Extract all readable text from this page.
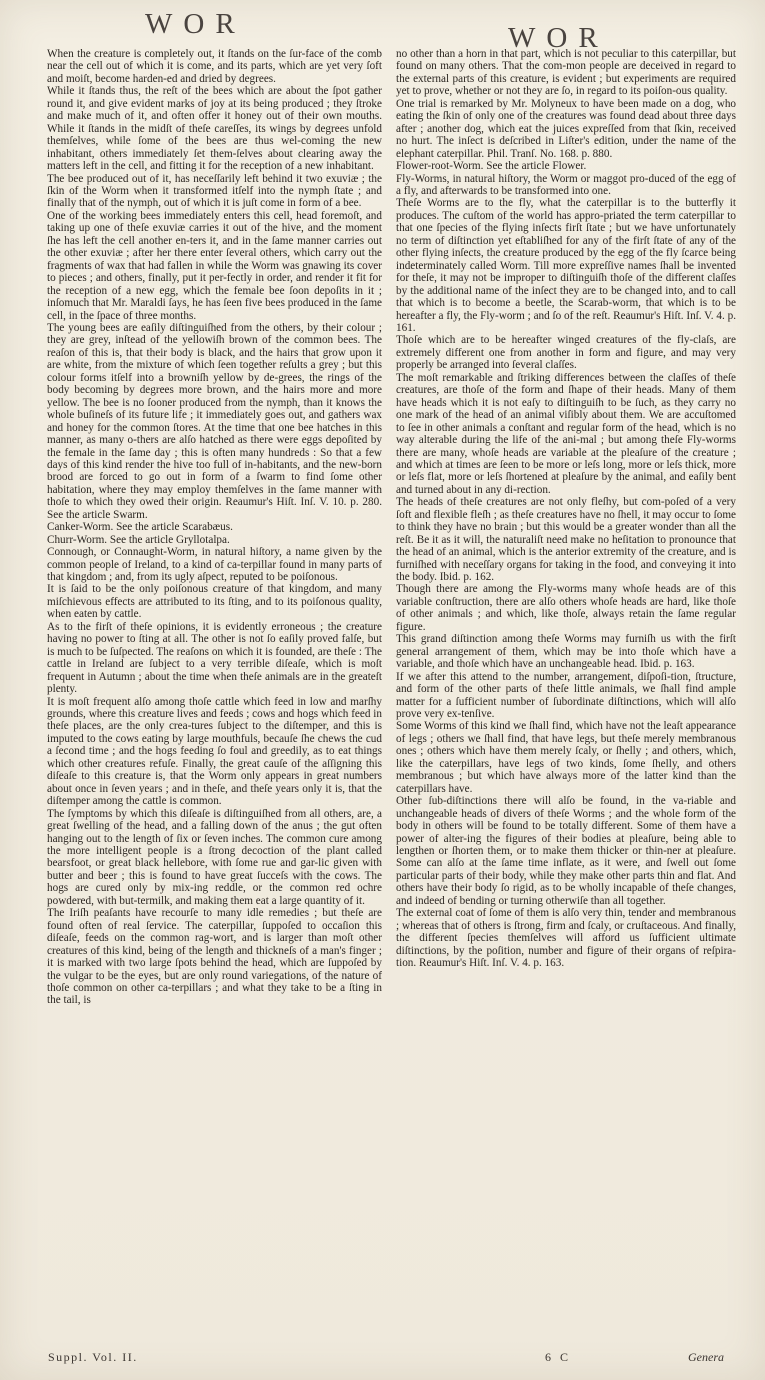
WOR	WOR

When the creature is completely out, it ſtands on the ſur-face of the comb near the cell out of which it is come, and its parts, which are yet very ſoft and moiſt, become harden-ed and dried by degrees.

While it ſtands thus, the reſt of the bees which are about the ſpot gather round it, and give evident marks of joy at its being produced ; they ſtroke and make much of it, and often offer it honey out of their own mouths. While it ſtands in the midſt of theſe careſſes, its wings by degrees unfold themſelves, while ſome of the bees are thus wel-coming the new inhabitant, others immediately ſet them-ſelves about clearing away the matters left in the cell, and fitting it for the reception of a new inhabitant.

The bee produced out of it, has neceſſarily left behind it two exuviæ ; the ſkin of the Worm when it transformed itſelf into the nymph ſtate ; and finally that of the nymph, out of which it is juſt come in form of a bee.

One of the working bees immediately enters this cell, head foremoſt, and taking up one of theſe exuviæ carries it out of the hive, and the moment ſhe has left the cell another en-ters it, and in the ſame manner carries out the other exuviæ ; after her there enter ſeveral others, which carry out the fragments of wax that had fallen in while the Worm was gnawing its cover to pieces ; and others, finally, put it per-fectly in order, and render it fit for the reception of a new egg, which the female bee ſoon depoſits in it ; inſomuch that Mr. Maraldi ſays, he has ſeen five bees produced in the ſame cell, in the ſpace of three months.

The young bees are eaſily diſtinguiſhed from the others, by their colour ; they are grey, inſtead of the yellowiſh brown of the common bees. The reaſon of this is, that their body is black, and the hairs that grow upon it are white, from the mixture of which ſeen together reſults a grey ; but this colour forms itſelf into a browniſh yellow by de-grees, the rings of the body becoming by degrees more brown, and the hairs more and more yellow. The bee is no ſooner produced from the nymph, than it knows the whole buſineſs of its future life ; it immediately goes out, and gathers wax and honey for the common ſtores. At the time that one bee hatches in this manner, as many o-thers are alſo hatched as there were eggs depoſited by the female in the ſame day ; this is often many hundreds : So that a few days of this kind render the hive too full of in-habitants, and the new-born brood are forced to go out in form of a ſwarm to find ſome other habitation, where they may employ themſelves in the ſame manner with thoſe to which they owed their origin. Reaumur's Hiſt. Inſ. V. 10. p. 280. See the article Swarm.

Canker-Worm. See the article Scarabæus.

Churr-Worm. See the article Gryllotalpa.

Connough, or Connaught-Worm, in natural hiſtory, a name given by the common people of Ireland, to a kind of ca-terpillar found in many parts of that kingdom ; and, from its ugly aſpect, reputed to be poiſonous.

It is ſaid to be the only poiſonous creature of that kingdom, and many miſchievous effects are attributed to its ſting, and to its poiſonous quality, when eaten by cattle.

As to the firſt of theſe opinions, it is evidently erroneous ; the creature having no power to ſting at all. The other is not ſo eaſily proved falſe, but is much to be ſuſpected. The reaſons on which it is founded, are theſe : The cattle in Ireland are ſubject to a very terrible diſeaſe, which is moſt frequent in Autumn ; about the time when theſe animals are in the greateſt plenty.

It is moſt frequent alſo among thoſe cattle which feed in low and marſhy grounds, where this creature lives and feeds ; cows and hogs which feed in theſe places, are the only crea-tures ſubject to the diſtemper, and this is imputed to the cows eating by large mouthfuls, becauſe ſhe chews the cud a ſecond time ; and the hogs feeding ſo foul and greedily, as to eat things which other creatures refuſe. Finally, the great cauſe of the aſſigning this diſeaſe to this creature is, that the Worm only appears in great numbers about once in ſeven years ; and in theſe, and theſe years only it is, that the diſtemper among the cattle is common.

The ſymptoms by which this diſeaſe is diſtinguiſhed from all others, are, a great ſwelling of the head, and a falling down of the anus ; the gut often hanging out to the length of ſix or ſeven inches. The common cure among the more intelligent people is a ſtrong decoction of the plant called bearsfoot, or great black hellebore, with ſome rue and gar-lic given with butter and beer ; this is found to have great ſucceſs with the cows. The hogs are cured only by mix-ing reddle, or the common red ochre powdered, with but-termilk, and making them eat a large quantity of it.

The Iriſh peaſants have recourſe to many idle remedies ; but theſe are found often of real ſervice. The caterpillar, ſuppoſed to occaſion this diſeaſe, feeds on the common rag-wort, and is larger than moſt other creatures of this kind, being of the length and thickneſs of a man's finger ; it is marked with two large ſpots behind the head, which are ſuppoſed by the vulgar to be the eyes, but are only round variegations, of the nature of thoſe common on other ca-terpillars ; and what they take to be a ſting in the tail, is

no other than a horn in that part, which is not peculiar to this caterpillar, but found on many others. That the com-mon people are deceived in regard to the external parts of this creature, is evident ; but experiments are required yet to prove, whether or not they are ſo, in regard to its poiſon-ous quality.

One trial is remarked by Mr. Molyneux to have been made on a dog, who eating the ſkin of only one of the creatures was found dead about three days after ; another dog, which eat the juices expreſſed from that ſkin, received no hurt. The inſect is deſcribed in Liſter's edition, under the name of the elephant caterpillar. Phil. Tranſ. No. 168. p. 880.

Flower-root-Worm. See the article Flower.

Fly-Worms, in natural hiſtory, the Worm or maggot pro-duced of the egg of a fly, and afterwards to be transformed into one.

Theſe Worms are to the fly, what the caterpillar is to the butterfly it produces. The cuſtom of the world has appro-priated the term caterpillar to that one ſpecies of the flying inſects firſt ſtate ; but we have unfortunately no term of diſtinction yet eſtabliſhed for any of the firſt ſtate of any of the other flying inſects, the creature produced by the egg of the fly ſcarce being indeterminately called Worm. Till more expreſſive names ſhall be invented for theſe, it may not be improper to diſtinguiſh thoſe of the different claſſes by the additional name of the inſect they are to be changed into, and to call that which is to become a beetle, the Scarab-worm, that which is to be hereafter a fly, the Fly-worm ; and ſo of the reſt. Reaumur's Hiſt. Inſ. V. 4. p. 161.

Thoſe which are to be hereafter winged creatures of the fly-claſs, are extremely different one from another in form and figure, and may very properly be arranged into ſeveral claſſes.

The moſt remarkable and ſtriking differences between the claſſes of theſe creatures, are thoſe of the form and ſhape of their heads. Many of them have heads which it is not eaſy to diſtinguiſh to be ſuch, as they carry no one mark of the head of an animal viſibly about them. We are accuſtomed to ſee in other animals a conſtant and regular form of the head, which is no way alterable during the life of the ani-mal ; but among theſe Fly-worms there are many, whoſe heads are variable at the pleaſure of the creature ; and which at times are ſeen to be more or leſs long, more or leſs thick, more or leſs flat, more or leſs ſhortened at pleaſure by the animal, and eaſily bent and turned about in any di-rection.

The heads of theſe creatures are not only fleſhy, but com-poſed of a very ſoft and flexible fleſh ; as theſe creatures have no ſhell, it may occur to ſome to think they have no brain ; but this would be a greater wonder than all the reſt. Be it as it will, the naturaliſt need make no heſitation to pronounce that the head of an animal, which is the anterior extremity of the creature, and is furniſhed with neceſſary organs for taking in the food, and conveying it into the body. Ibid. p. 162.

Though there are among the Fly-worms many whoſe heads are of this variable conſtruction, there are alſo others whoſe heads are hard, like thoſe of other animals ; and which, like thoſe, always retain the ſame regular figure.

This grand diſtinction among theſe Worms may furniſh us with the firſt general arrangement of them, which may be into thoſe which have a variable, and thoſe which have an unchangeable head. Ibid. p. 163.

If we after this attend to the number, arrangement, diſpoſi-tion, ſtructure, and form of the other parts of theſe little animals, we ſhall find ample matter for a ſufficient number of ſubordinate diſtinctions, which will alſo prove very ex-tenſive.

Some Worms of this kind we ſhall find, which have not the leaſt appearance of legs ; others we ſhall find, that have legs, but theſe merely membranous ones ; others which have them merely ſcaly, or ſhelly ; and others, which, like the caterpillars, have legs of two kinds, ſome ſhelly, and others membranous ; but which have always more of the latter kind than the caterpillars have.

Other ſub-diſtinctions there will alſo be found, in the va-riable and unchangeable heads of divers of theſe Worms ; and the whole form of the body in others will be found to be totally different. Some of them have a power of alter-ing the figures of their bodies at pleaſure, being able to lengthen or ſhorten them, or to make them thicker or thin-ner at pleaſure. Some can alſo at the ſame time inflate, as it were, and ſwell out ſome particular parts of their body, while they make other parts thin and flat. And others have their body ſo rigid, as to be wholly incapable of theſe changes, and indeed of bending or turning otherwiſe than all together.

The external coat of ſome of them is alſo very thin, tender and membranous ; whereas that of others is ſtrong, firm and ſcaly, or cruſtaceous. And finally, the different ſpecies themſelves will afford us ſufficient ultimate diſtinctions, by the poſition, number and figure of their organs of reſpira-tion. Reaumur's Hiſt. Inſ. V. 4. p. 163.

Suppl. Vol. II.	6 C	Genera
